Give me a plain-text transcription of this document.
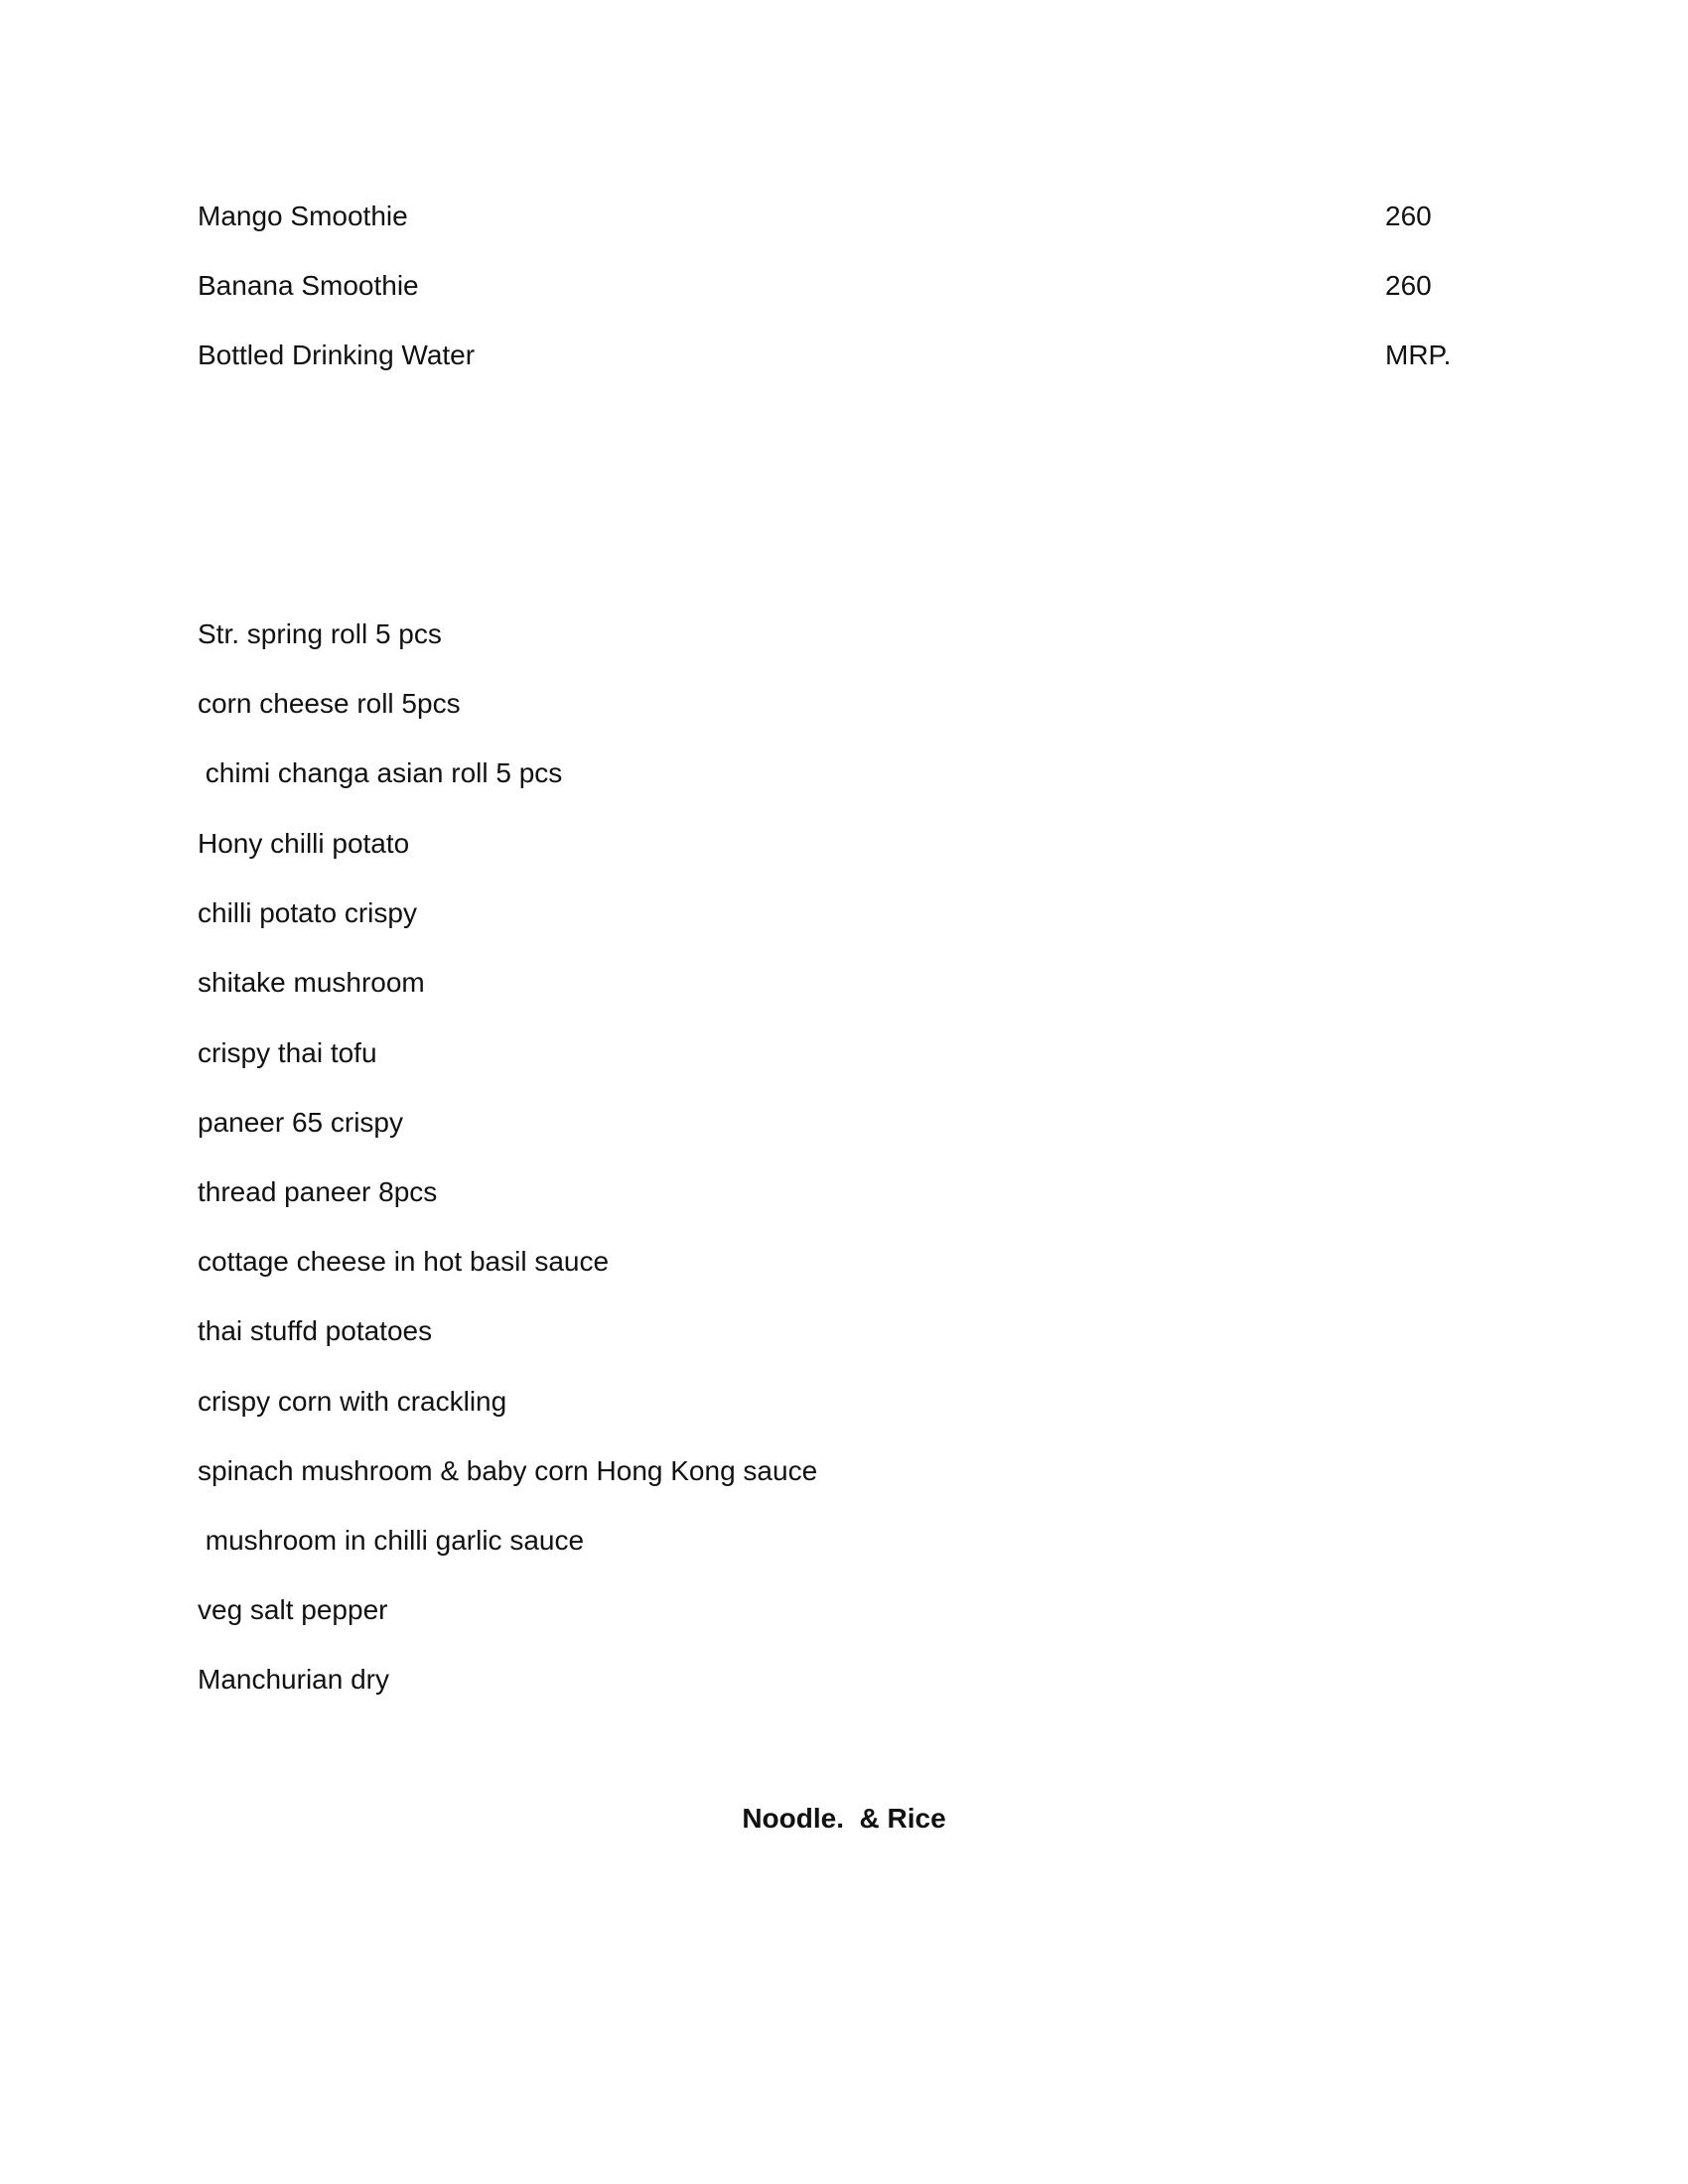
Mango Smoothie	260
Banana Smoothie	260
Bottled Drinking Water	MRP.
Str. spring roll 5 pcs
corn cheese roll 5pcs
chimi changa asian roll 5 pcs
Hony chilli potato
chilli potato crispy
shitake mushroom
crispy thai tofu
paneer 65 crispy
thread paneer 8pcs
cottage cheese in hot basil sauce
thai stuffd potatoes
crispy corn with crackling
spinach mushroom & baby corn Hong Kong sauce
mushroom in chilli garlic sauce
veg salt pepper
Manchurian dry
Noodle.  & Rice
